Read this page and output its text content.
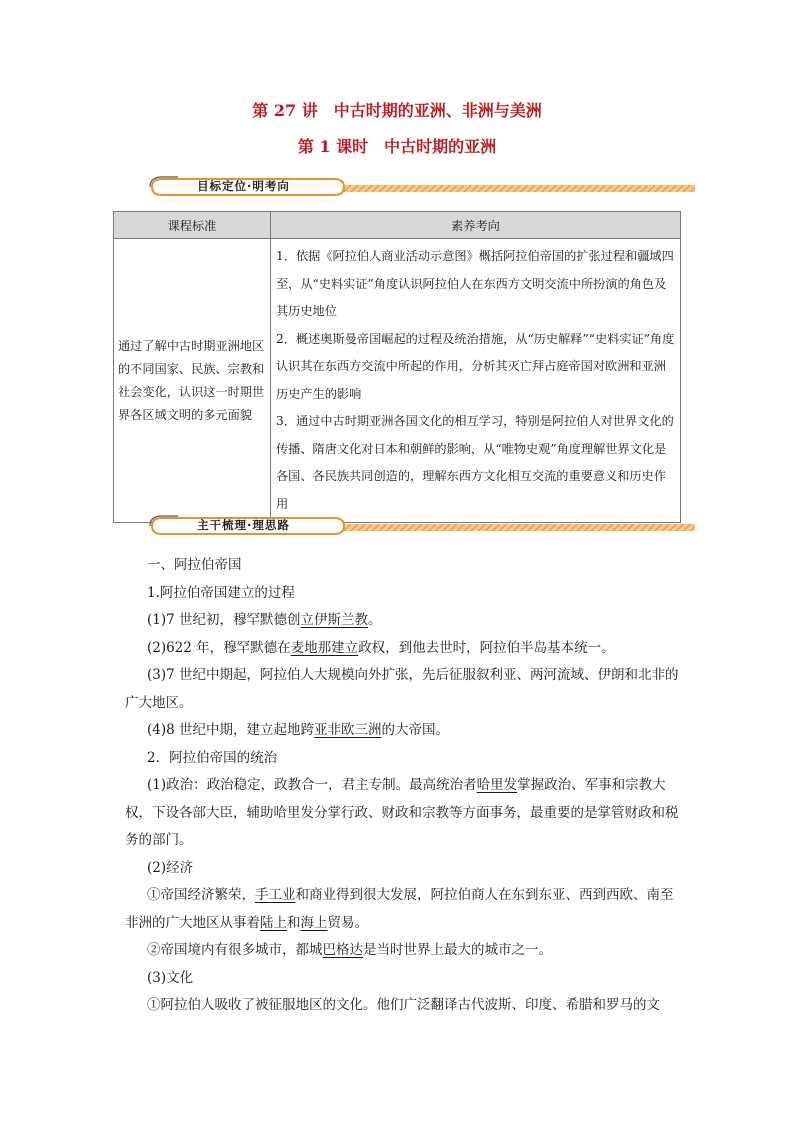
第 27 讲　中古时期的亚洲、非洲与美洲
第 1 课时　中古时期的亚洲
目标定位·明考向
课程标准	素养考向
通过了解中古时期亚洲地区的不同国家、民族、宗教和社会变化，认识这一时期世界各区域文明的多元面貌	1．依据《阿拉伯人商业活动示意图》概括阿拉伯帝国的扩张过程和疆域四至，从“史料实证”角度认识阿拉伯人在东西方文明交流中所扮演的角色及其历史地位
2．概述奥斯曼帝国崛起的过程及统治措施，从“历史解释”“史料实证”角度认识其在东西方交流中所起的作用，分析其灭亡拜占庭帝国对欧洲和亚洲历史产生的影响
3．通过中古时期亚洲各国文化的相互学习，特别是阿拉伯人对世界文化的传播、隋唐文化对日本和朝鲜的影响，从“唯物史观”角度理解世界文化是各国、各民族共同创造的，理解东西方文化相互交流的重要意义和历史作用
主干梳理·理思路

一、阿拉伯帝国

1.阿拉伯帝国建立的过程

(1)7 世纪初，穆罕默德创立伊斯兰教。

(2)622 年，穆罕默德在麦地那建立政权，到他去世时，阿拉伯半岛基本统一。

(3)7 世纪中期起，阿拉伯人大规模向外扩张，先后征服叙利亚、两河流域、伊朗和北非的广大地区。

(4)8 世纪中期，建立起地跨亚非欧三洲的大帝国。

2．阿拉伯帝国的统治

(1)政治：政治稳定，政教合一，君主专制。最高统治者哈里发掌握政治、军事和宗教大权，下设各部大臣，辅助哈里发分掌行政、财政和宗教等方面事务，最重要的是掌管财政和税务的部门。

(2)经济

①帝国经济繁荣，手工业和商业得到很大发展，阿拉伯商人在东到东亚、西到西欧、南至非洲的广大地区从事着陆上和海上贸易。

②帝国境内有很多城市，都城巴格达是当时世界上最大的城市之一。

(3)文化

①阿拉伯人吸收了被征服地区的文化。他们广泛翻译古代波斯、印度、希腊和罗马的文
